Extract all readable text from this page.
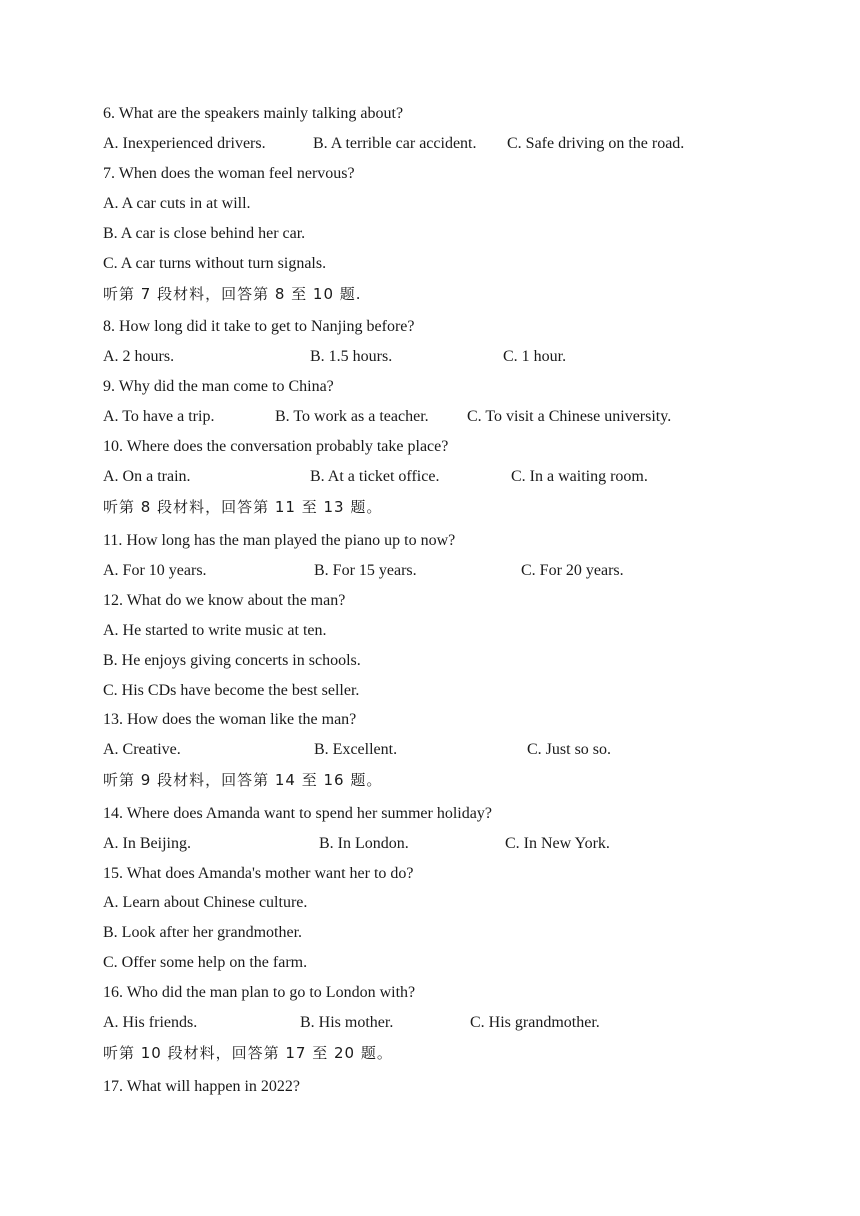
6. What are the speakers mainly talking about?
A. Inexperienced drivers.	B. A terrible car accident. C. Safe driving on the road.
7. When does the woman feel nervous?
A. A car cuts in at will.
B. A car is close behind her car.
C. A car turns without turn signals.
听第 7 段材料，回答第 8 至 10 题.
8. How long did it take to get to Nanjing before?
A. 2 hours.	B. 1.5 hours.	C. 1 hour.
9. Why did the man come to China?
A. To have a trip.	B. To work as a teacher. C. To visit a Chinese university.
10. Where does the conversation probably take place?
A. On a train.	B. At a ticket office.	C. In a waiting room.
听第 8 段材料，回答第 11 至 13 题。
11. How long has the man played the piano up to now?
A. For 10 years.	B. For 15 years.	C. For 20 years.
12. What do we know about the man?
A. He started to write music at ten.
B. He enjoys giving concerts in schools.
C. His CDs have become the best seller.
13. How does the woman like the man?
A. Creative.	B. Excellent.	C. Just so so.
听第 9 段材料，回答第 14 至 16 题。
14. Where does Amanda want to spend her summer holiday?
A. In Beijing.	B. In London.	C. In New York.
15. What does Amanda's mother want her to do?
A. Learn about Chinese culture.
B. Look after her grandmother.
C. Offer some help on the farm.
16. Who did the man plan to go to London with?
A. His friends.	B. His mother.	C. His grandmother.
听第 10 段材料，回答第 17 至 20 题。
17. What will happen in 2022?
